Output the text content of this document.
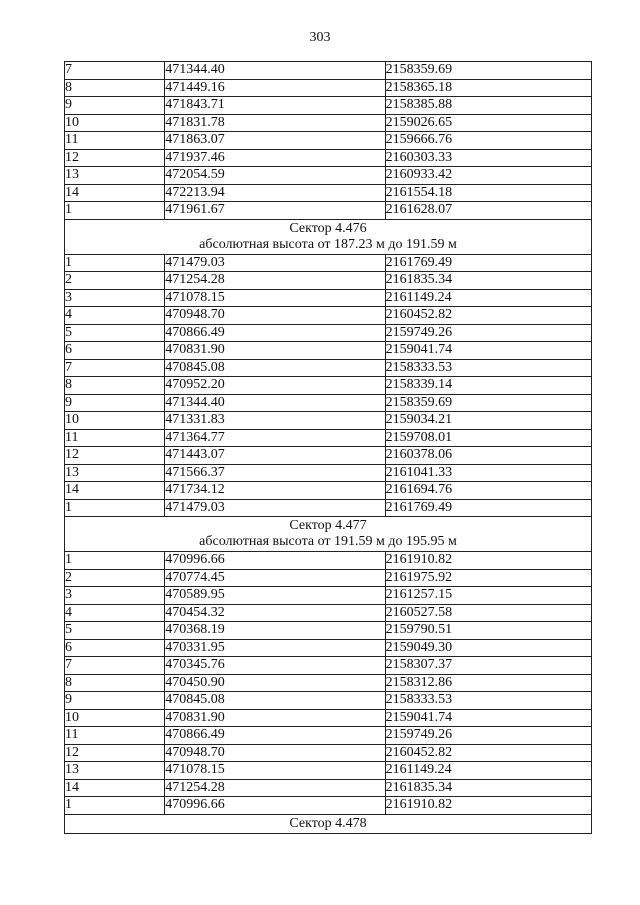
303
7	471344.40	2158359.69
8	471449.16	2158365.18
9	471843.71	2158385.88
10	471831.78	2159026.65
11	471863.07	2159666.76
12	471937.46	2160303.33
13	472054.59	2160933.42
14	472213.94	2161554.18
1	471961.67	2161628.07

Сектор 4.476
абсолютная высота от 187.23 м до 191.59 м		

1	471479.03	2161769.49
2	471254.28	2161835.34
3	471078.15	2161149.24
4	470948.70	2160452.82
5	470866.49	2159749.26
6	470831.90	2159041.74
7	470845.08	2158333.53
8	470952.20	2158339.14
9	471344.40	2158359.69
10	471331.83	2159034.21
11	471364.77	2159708.01
12	471443.07	2160378.06
13	471566.37	2161041.33
14	471734.12	2161694.76
1	471479.03	2161769.49

Сектор 4.477
абсолютная высота от 191.59 м до 195.95 м		

1	470996.66	2161910.82
2	470774.45	2161975.92
3	470589.95	2161257.15
4	470454.32	2160527.58
5	470368.19	2159790.51
6	470331.95	2159049.30
7	470345.76	2158307.37
8	470450.90	2158312.86
9	470845.08	2158333.53
10	470831.90	2159041.74
11	470866.49	2159749.26
12	470948.70	2160452.82
13	471078.15	2161149.24
14	471254.28	2161835.34
1	470996.66	2161910.82

Сектор 4.478		
